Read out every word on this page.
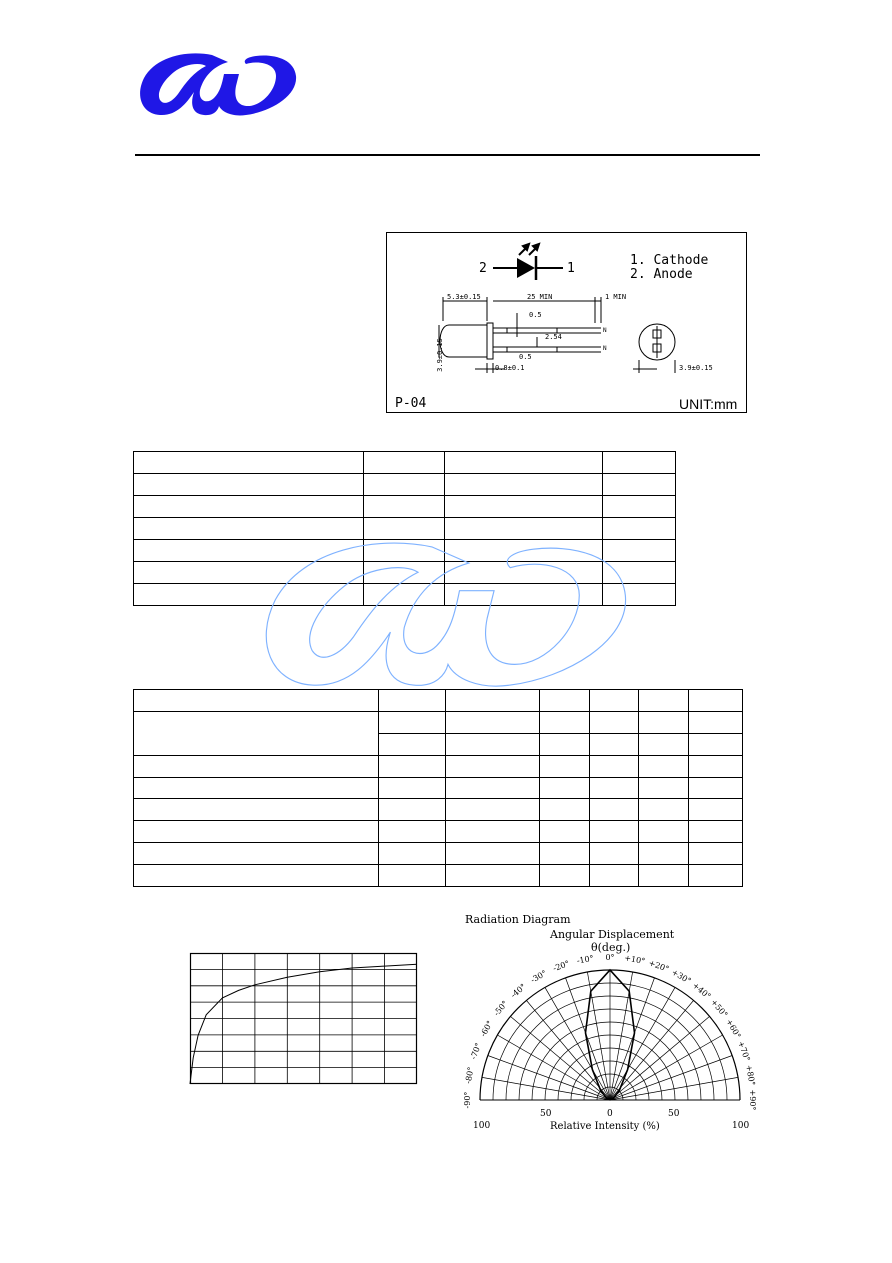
2	1
1. Cathode
2. Anode
5.3±0.15	25 MIN	1 MIN
0.5
2.54
0.5
0.8±0.1
3.9±0.15	3.9±0.15
N
N
P-04	UNIT:mm

Radiation Diagram
Angular Displacement
θ(deg.)
0°
-10°
-20°
-30°
-40°
-50°
-60°
-70°
-80°
-90°
+10° +20°
+30°
+40°
+50°
+60°
+70°
+80°
+90°
100
50	0	50
100
Relative Intensity (%)
